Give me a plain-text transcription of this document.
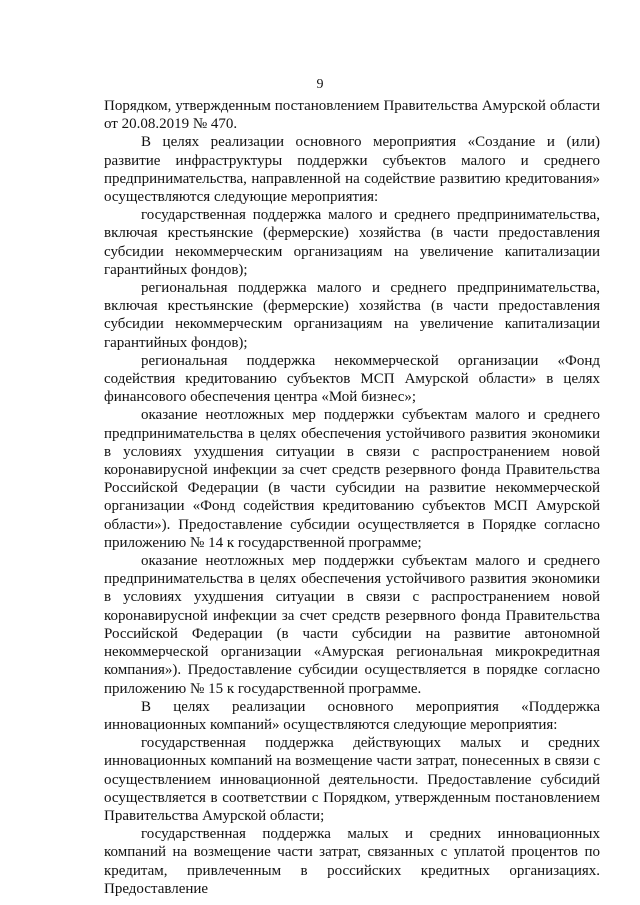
9

Порядком, утвержденным постановлением Правительства Амурской области от 20.08.2019 № 470.

В целях реализации основного мероприятия «Создание и (или) развитие инфраструктуры поддержки субъектов малого и среднего предпринимательства, направленной на содействие развитию кредитования» осуществляются следующие мероприятия:

государственная поддержка малого и среднего предпринимательства, включая крестьянские (фермерские) хозяйства (в части предоставления субсидии некоммерческим организациям на увеличение капитализации гарантийных фондов);

региональная поддержка малого и среднего предпринимательства, включая крестьянские (фермерские) хозяйства (в части предоставления субсидии некоммерческим организациям на увеличение капитализации гарантийных фондов);

региональная поддержка некоммерческой организации «Фонд содействия кредитованию субъектов МСП Амурской области» в целях финансового обеспечения центра «Мой бизнес»;

оказание неотложных мер поддержки субъектам малого и среднего предпринимательства в целях обеспечения устойчивого развития экономики в условиях ухудшения ситуации в связи с распространением новой коронавирусной инфекции за счет средств резервного фонда Правительства Российской Федерации (в части субсидии на развитие некоммерческой организации «Фонд содействия кредитованию субъектов МСП Амурской области»). Предоставление субсидии осуществляется в Порядке согласно приложению № 14 к государственной программе;

оказание неотложных мер поддержки субъектам малого и среднего предпринимательства в целях обеспечения устойчивого развития экономики в условиях ухудшения ситуации в связи с распространением новой коронавирусной инфекции за счет средств резервного фонда Правительства Российской Федерации (в части субсидии на развитие автономной некоммерческой организации «Амурская региональная микрокредитная компания»). Предоставление субсидии осуществляется в порядке согласно приложению № 15 к государственной программе.

В целях реализации основного мероприятия «Поддержка инновационных компаний» осуществляются следующие мероприятия:

государственная поддержка действующих малых и средних инновационных компаний на возмещение части затрат, понесенных в связи с осуществлением инновационной деятельности. Предоставление субсидий осуществляется в соответствии с Порядком, утвержденным постановлением Правительства Амурской области;

государственная поддержка малых и средних инновационных компаний на возмещение части затрат, связанных с уплатой процентов по кредитам, привлеченным в российских кредитных организациях. Предоставление
